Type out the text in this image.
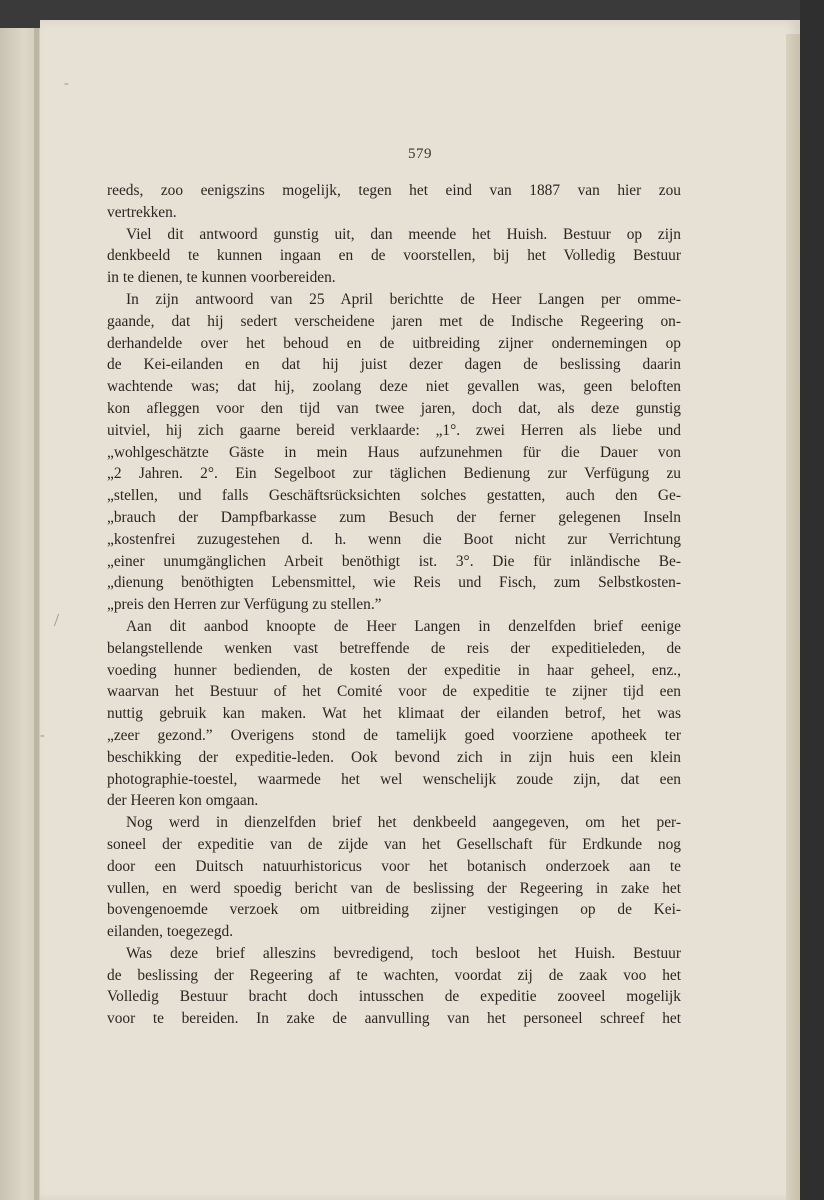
579
reeds, zoo eenigszins mogelijk, tegen het eind van 1887 van hier zou
vertrekken.
Viel dit antwoord gunstig uit, dan meende het Huish. Bestuur op zijn
denkbeeld te kunnen ingaan en de voorstellen, bij het Volledig Bestuur
in te dienen, te kunnen voorbereiden.
In zijn antwoord van 25 April berichtte de Heer Langen per omme-
gaande, dat hij sedert verscheidene jaren met de Indische Regeering on-
derhandelde over het behoud en de uitbreiding zijner ondernemingen op
de Kei-eilanden en dat hij juist dezer dagen de beslissing daarin
wachtende was; dat hij, zoolang deze niet gevallen was, geen beloften
kon afleggen voor den tijd van twee jaren, doch dat, als deze gunstig
uitviel, hij zich gaarne bereid verklaarde: „1°. zwei Herren als liebe und
„wohlgeschätzte Gäste in mein Haus aufzunehmen für die Dauer von
„2 Jahren. 2°. Ein Segelboot zur täglichen Bedienung zur Verfügung zu
„stellen, und falls Geschäftsrücksichten solches gestatten, auch den Ge-
„brauch der Dampfbarkasse zum Besuch der ferner gelegenen Inseln
„kostenfrei zuzugestehen d. h. wenn die Boot nicht zur Verrichtung
„einer unumgänglichen Arbeit benöthigt ist. 3°. Die für inländische Be-
„dienung benöthigten Lebensmittel, wie Reis und Fisch, zum Selbstkosten-
„preis den Herren zur Verfügung zu stellen.”
Aan dit aanbod knoopte de Heer Langen in denzelfden brief eenige
belangstellende wenken vast betreffende de reis der expeditieleden, de
voeding hunner bedienden, de kosten der expeditie in haar geheel, enz.,
waarvan het Bestuur of het Comité voor de expeditie te zijner tijd een
nuttig gebruik kan maken. Wat het klimaat der eilanden betrof, het was
„zeer gezond.” Overigens stond de tamelijk goed voorziene apotheek ter
beschikking der expeditie-leden. Ook bevond zich in zijn huis een klein
photographie-toestel, waarmede het wel wenschelijk zoude zijn, dat een
der Heeren kon omgaan.
Nog werd in dienzelfden brief het denkbeeld aangegeven, om het per-
soneel der expeditie van de zijde van het Gesellschaft für Erdkunde nog
door een Duitsch natuurhistoricus voor het botanisch onderzoek aan te
vullen, en werd spoedig bericht van de beslissing der Regeering in zake het
bovengenoemde verzoek om uitbreiding zijner vestigingen op de Kei-
eilanden, toegezegd.
Was deze brief alleszins bevredigend, toch besloot het Huish. Bestuur
de beslissing der Regeering af te wachten, voordat zij de zaak voo het
Volledig Bestuur bracht doch intusschen de expeditie zooveel mogelijk
voor te bereiden. In zake de aanvulling van het personeel schreef het
-
/
-
